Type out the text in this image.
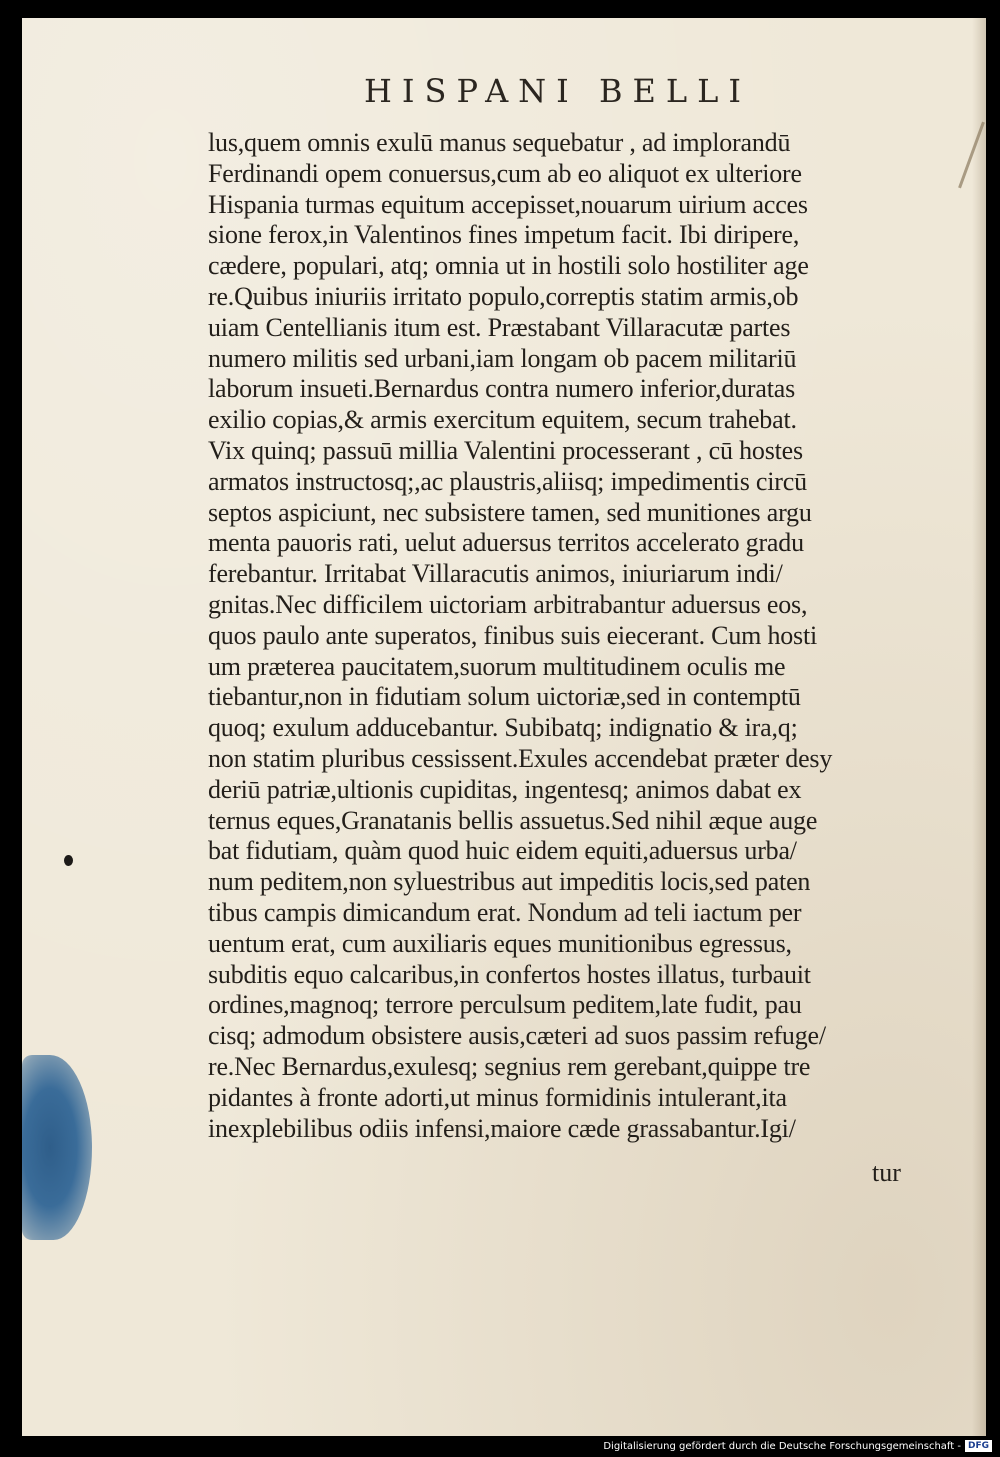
HISPANI BELLI
lus,quem omnis exulū manus sequebatur , ad implorandū
Ferdinandi opem conuersus,cum ab eo aliquot ex ulteriore
Hispania turmas equitum accepisset,nouarum uirium acces
sione ferox,in Valentinos fines impetum facit. Ibi diripere,
cædere, populari, atq; omnia ut in hostili solo hostiliter age
re.Quibus iniuriis irritato populo,correptis statim armis,ob
uiam Centellianis itum est. Præstabant Villaracutæ partes
numero militis sed urbani,iam longam ob pacem militariū
laborum insueti.Bernardus contra numero inferior,duratas
exilio copias,& armis exercitum equitem, secum trahebat.
Vix quinq; passuū millia Valentini processerant , cū hostes
armatos instructosq;,ac plaustris,aliisq; impedimentis circū
septos aspiciunt, nec subsistere tamen, sed munitiones argu
menta pauoris rati, uelut aduersus territos accelerato gradu
ferebantur. Irritabat Villaracutis animos, iniuriarum indi/
gnitas.Nec difficilem uictoriam arbitrabantur aduersus eos,
quos paulo ante superatos, finibus suis eiecerant. Cum hosti
um præterea paucitatem,suorum multitudinem oculis me
tiebantur,non in fidutiam solum uictoriæ,sed in contemptū
quoq; exulum adducebantur. Subibatq; indignatio & ira,q;
non statim pluribus cessissent.Exules accendebat præter desy
deriū patriæ,ultionis cupiditas, ingentesq; animos dabat ex
ternus eques,Granatanis bellis assuetus.Sed nihil æque auge
bat fidutiam, quàm quod huic eidem equiti,aduersus urba/
num peditem,non syluestribus aut impeditis locis,sed paten
tibus campis dimicandum erat. Nondum ad teli iactum per
uentum erat, cum auxiliaris eques munitionibus egressus,
subditis equo calcaribus,in confertos hostes illatus, turbauit
ordines,magnoq; terrore perculsum peditem,late fudit, pau
cisq; admodum obsistere ausis,cæteri ad suos passim refuge/
re.Nec Bernardus,exulesq; segnius rem gerebant,quippe tre
pidantes à fronte adorti,ut minus formidinis intulerant,ita
inexplebilibus odiis infensi,maiore cæde grassabantur.Igi/
tur
Digitalisierung gefördert durch die Deutsche Forschungsgemeinschaft - DFG
